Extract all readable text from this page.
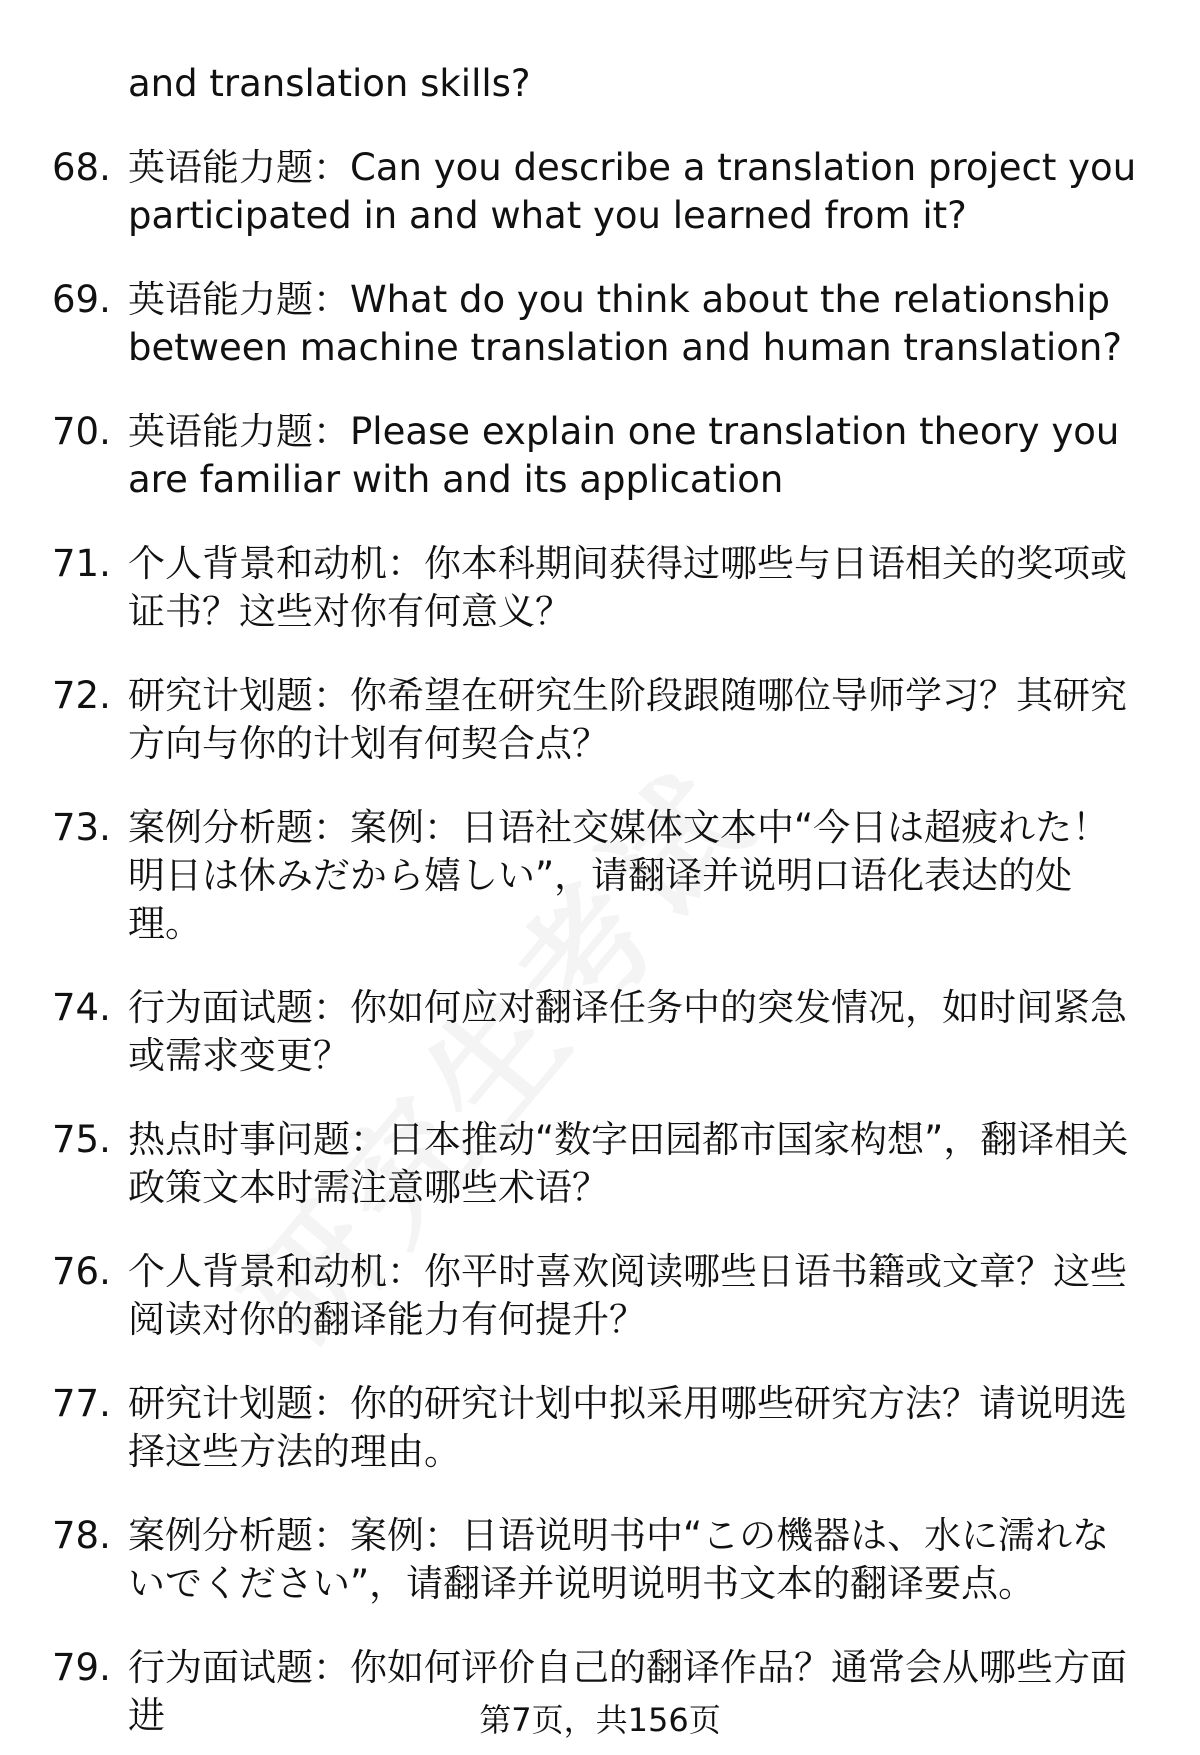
and translation skills?
68. 英语能力题：Can you describe a translation project you participated in and what you learned from it?
69. 英语能力题：What do you think about the relationship between machine translation and human translation?
70. 英语能力题：Please explain one translation theory you are familiar with and its application
71. 个人背景和动机：你本科期间获得过哪些与日语相关的奖项或证书？这些对你有何意义？
72. 研究计划题：你希望在研究生阶段跟随哪位导师学习？其研究方向与你的计划有何契合点？
73. 案例分析题：案例：日语社交媒体文本中“今日は超疲れた！明日は休みだから嬉しい”，请翻译并说明口语化表达的处理。
74. 行为面试题：你如何应对翻译任务中的突发情况，如时间紧急或需求变更？
75. 热点时事问题：日本推动“数字田园都市国家构想”，翻译相关政策文本时需注意哪些术语？
76. 个人背景和动机：你平时喜欢阅读哪些日语书籍或文章？这些阅读对你的翻译能力有何提升？
77. 研究计划题：你的研究计划中拟采用哪些研究方法？请说明选择这些方法的理由。
78. 案例分析题：案例：日语说明书中“この機器は、水に濡れないでください”，请翻译并说明说明书文本的翻译要点。
79. 行为面试题：你如何评价自己的翻译作品？通常会从哪些方面进	第7页，共156页
